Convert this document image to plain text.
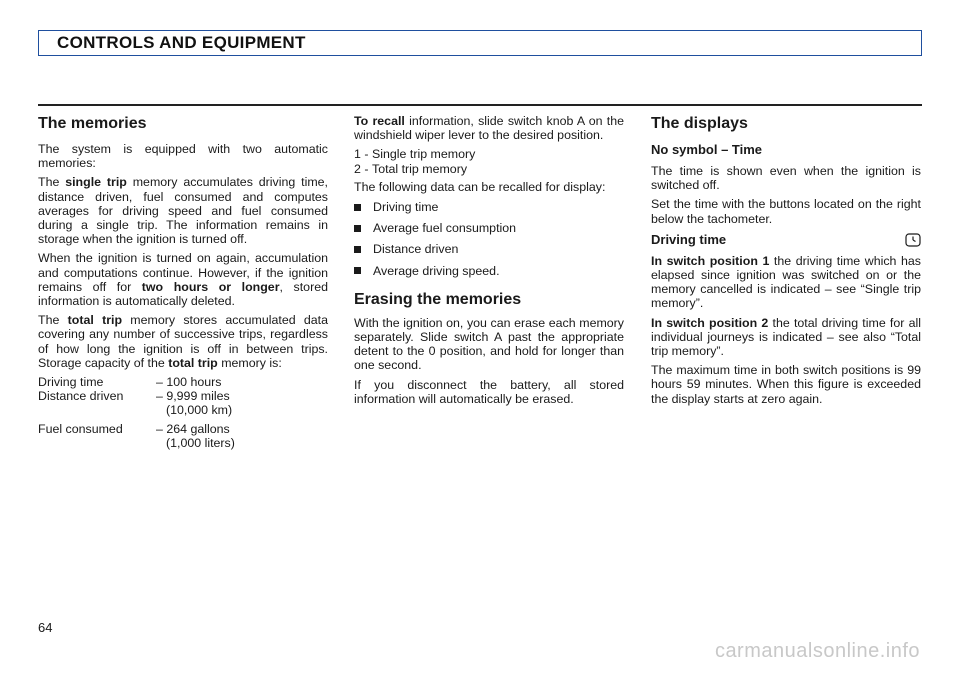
CONTROLS AND EQUIPMENT
The memories

The system is equipped with two automatic memories:

The single trip memory accumulates driving time, distance driven, fuel consumed and computes averages for driving speed and fuel consumed during a single trip. The information remains in storage when the ignition is turned off.

When the ignition is turned on again, accumulation and computations continue. However, if the ignition remains off for two hours or longer, stored information is automatically deleted.

The total trip memory stores accumulated data covering any number of successive trips, regardless of how long the ignition is off in between trips. Storage capacity of the total trip memory is:

Driving time	– 100 hours
Distance driven	– 9,999 miles
(10,000 km)
Fuel consumed	– 264 gallons
(1,000 liters)

To recall information, slide switch knob A on the windshield wiper lever to the desired position.

1 - Single trip memory
2 - Total trip memory

The following data can be recalled for display:

Driving time
Average fuel consumption
Distance driven
Average driving speed.
Erasing the memories

With the ignition on, you can erase each memory separately. Slide switch A past the appropriate detent to the 0 position, and hold for longer than one second.

If you disconnect the battery, all stored information will automatically be erased.

The displays
No symbol – Time

The time is shown even when the ignition is switched off.

Set the time with the buttons located on the right below the tachometer.

Driving time

In switch position 1 the driving time which has elapsed since ignition was switched on or the memory cancelled is indicated – see “Single trip memory”.

In switch position 2 the total driving time for all individual journeys is indicated – see also “Total trip memory”.

The maximum time in both switch positions is 99 hours 59 minutes. When this figure is exceeded the display starts at zero again.

64
carmanualsonline.info
